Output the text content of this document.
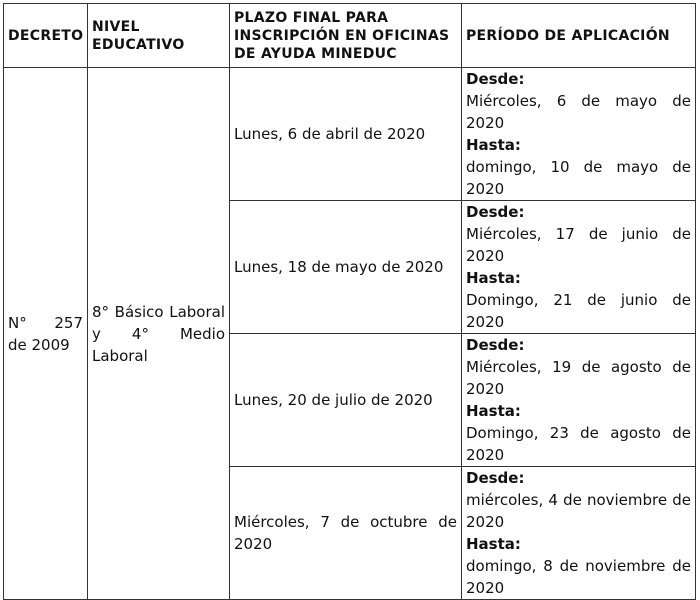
DECRETO	NIVEL EDUCATIVO	PLAZO FINAL PARA INSCRIPCIÓN EN OFICINAS DE AYUDA MINEDUC	PERÍODO DE APLICACIÓN
N° 257 de 2009	8° Básico Laboral y 4° Medio Laboral	Lunes, 6 de abril de 2020	Desde:
Miércoles, 6 de mayo de 2020
Hasta:
domingo, 10 de mayo de 2020

		Lunes, 18 de mayo de 2020	Desde:
Miércoles, 17 de junio de 2020
Hasta:
Domingo, 21 de junio de 2020

		Lunes, 20 de julio de 2020	Desde:
Miércoles, 19 de agosto de 2020
Hasta:
Domingo, 23 de agosto de 2020

		Miércoles, 7 de octubre de 2020	Desde:
miércoles, 4 de noviembre de 2020
Hasta:
domingo, 8 de noviembre de 2020
